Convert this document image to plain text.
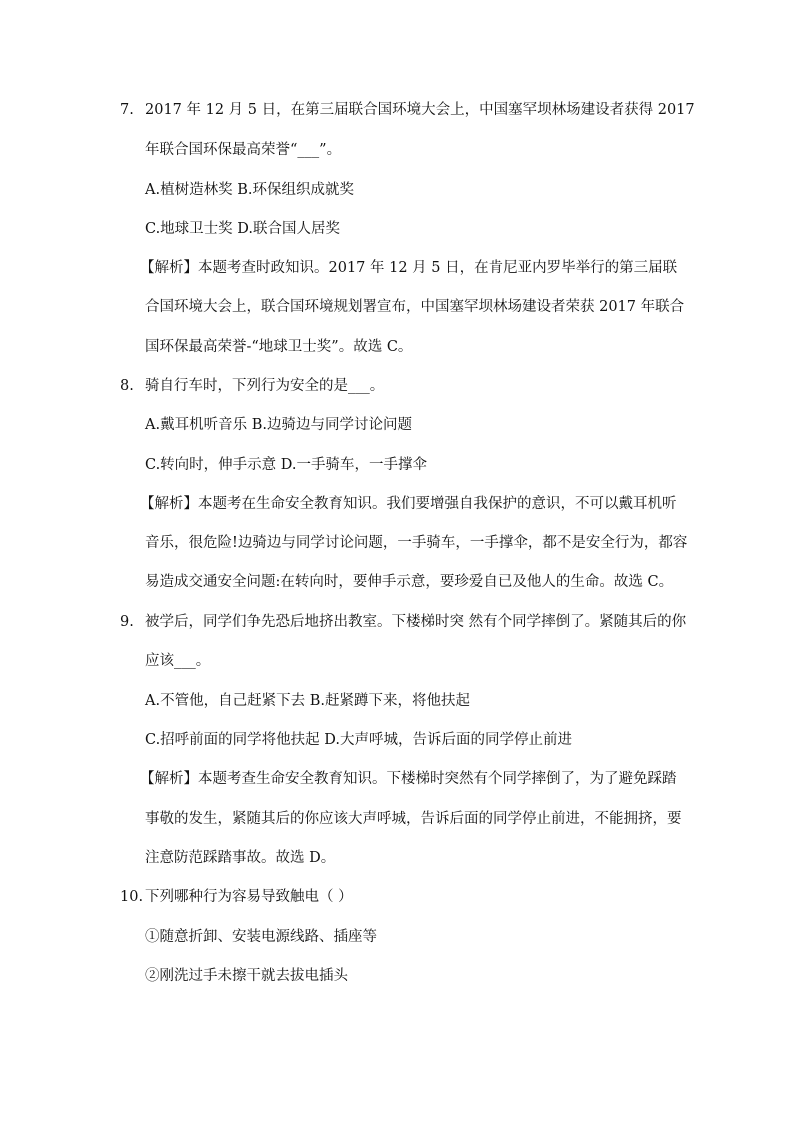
7. 2017 年 12 月 5 日，在第三届联合国环境大会上，中国塞罕坝林场建设者获得 2017
年联合国环保最高荣誉“___”。
A.植树造林奖 B.环保组织成就奖
C.地球卫士奖 D.联合国人居奖
【解析】本题考查时政知识。2017 年 12 月 5 日，在肯尼亚内罗毕举行的第三届联
合国环境大会上，联合国环境规划署宣布，中国塞罕坝林场建设者荣获 2017 年联合
国环保最高荣誉-“地球卫士奖”。故选 C。
8. 骑自行车时，下列行为安全的是___。
A.戴耳机听音乐 B.边骑边与同学讨论问题
C.转向时，伸手示意 D.一手骑车，一手撑伞
【解析】本题考在生命安全教育知识。我们要增强自我保护的意识，不可以戴耳机听
音乐，很危险!边骑边与同学讨论问题，一手骑车，一手撑伞，都不是安全行为，都容
易造成交通安全问题:在转向时，要伸手示意，要珍爱自已及他人的生命。故选 C。
9. 被学后，同学们争先恐后地挤出教室。下楼梯时突 然有个同学摔倒了。紧随其后的你
应该___。
A.不管他，自己赶紧下去 B.赶紧蹲下来，将他扶起
C.招呼前面的同学将他扶起 D.大声呼城，告诉后面的同学停止前进
【解析】本题考查生命安全教育知识。下楼梯时突然有个同学摔倒了，为了避免踩踏
事敬的发生，紧随其后的你应该大声呼城，告诉后面的同学停止前进，不能拥挤，要
注意防范踩踏事故。故选 D。
10. 下列哪种行为容易导致触电（ ）
①随意折卸、安装电源线路、插座等
②刚洗过手未擦干就去拔电插头
